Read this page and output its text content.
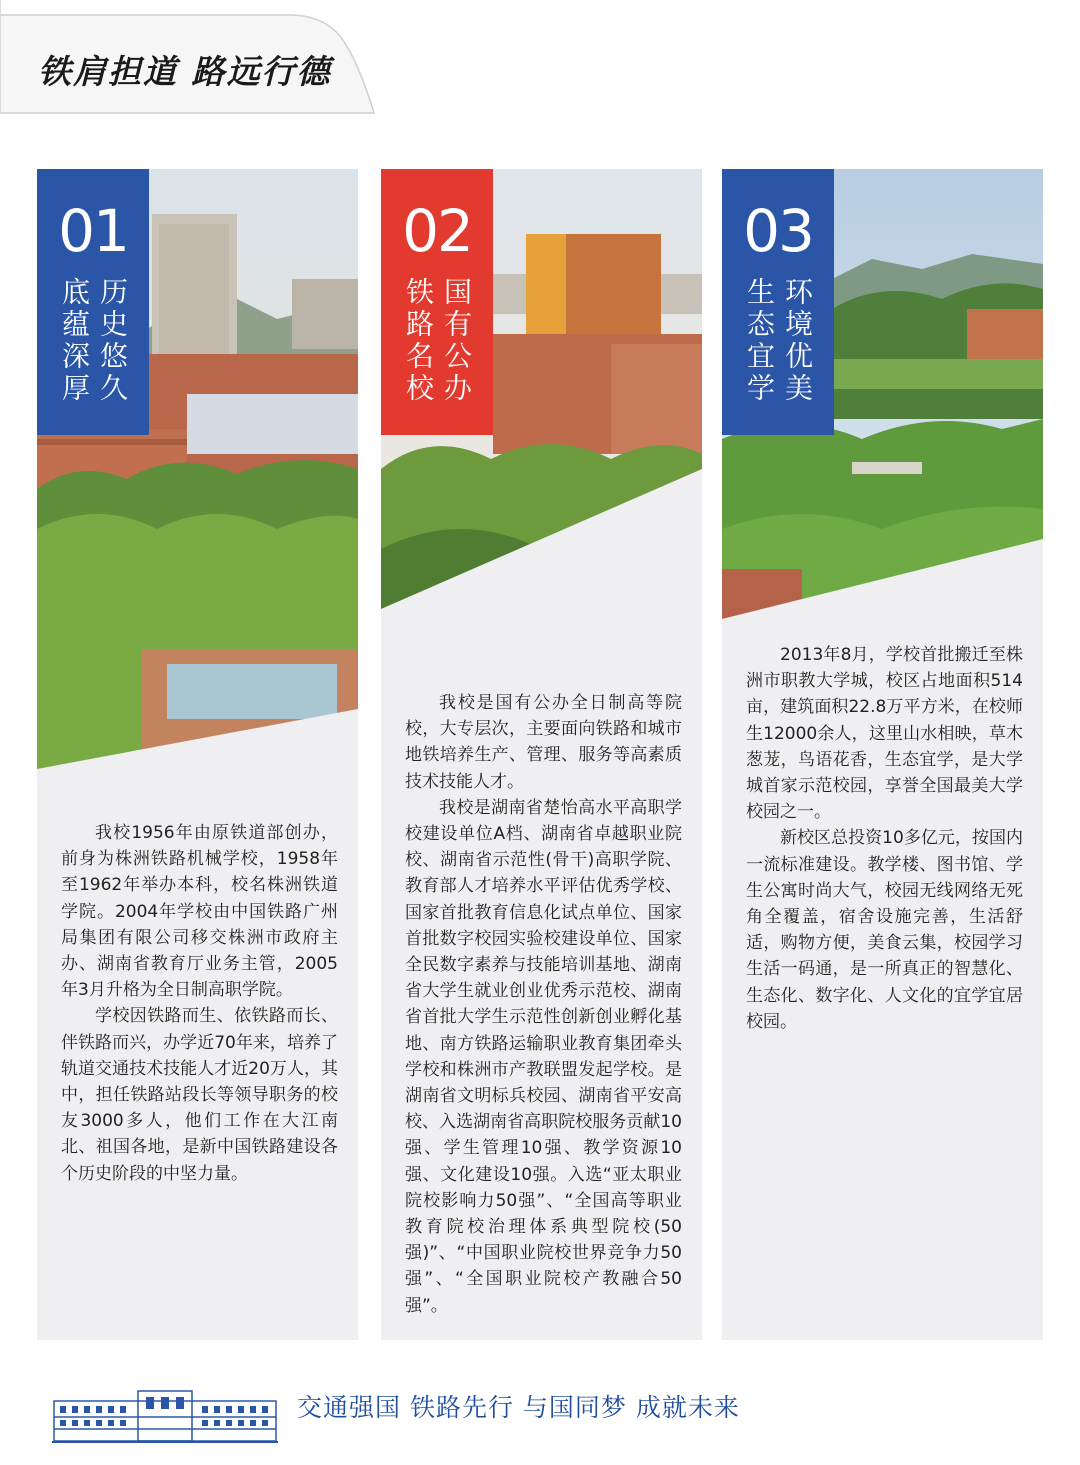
铁肩担道 路远行德
01
底蕴深厚 历史悠久

我校1956年由原铁道部创办，前身为株洲铁路机械学校，1958年至1962年举办本科，校名株洲铁道学院。2004年学校由中国铁路广州局集团有限公司移交株洲市政府主办、湖南省教育厅业务主管，2005年3月升格为全日制高职学院。

学校因铁路而生、依铁路而长、伴铁路而兴，办学近70年来，培养了轨道交通技术技能人才近20万人，其中，担任铁路站段长等领导职务的校友3000多人，他们工作在大江南北、祖国各地，是新中国铁路建设各个历史阶段的中坚力量。

02
铁路名校 国有公办

我校是国有公办全日制高等院校，大专层次，主要面向铁路和城市地铁培养生产、管理、服务等高素质技术技能人才。

我校是湖南省楚怡高水平高职学校建设单位A档、湖南省卓越职业院校、湖南省示范性(骨干)高职学院、教育部人才培养水平评估优秀学校、国家首批教育信息化试点单位、国家首批数字校园实验校建设单位、国家全民数字素养与技能培训基地、湖南省大学生就业创业优秀示范校、湖南省首批大学生示范性创新创业孵化基地、南方铁路运输职业教育集团牵头学校和株洲市产教联盟发起学校。是湖南省文明标兵校园、湖南省平安高校、入选湖南省高职院校服务贡献10强、学生管理10强、教学资源10强、文化建设10强。入选“亚太职业院校影响力50强”、“全国高等职业教育院校治理体系典型院校(50强)”、“中国职业院校世界竞争力50强”、“全国职业院校产教融合50强”。

03
生态宜学 环境优美

2013年8月，学校首批搬迁至株洲市职教大学城，校区占地面积514亩，建筑面积22.8万平方米，在校师生12000余人，这里山水相映，草木葱茏，鸟语花香，生态宜学，是大学城首家示范校园，享誉全国最美大学校园之一。

新校区总投资10多亿元，按国内一流标准建设。教学楼、图书馆、学生公寓时尚大气，校园无线网络无死角全覆盖，宿舍设施完善，生活舒适，购物方便，美食云集，校园学习生活一码通，是一所真正的智慧化、生态化、数字化、人文化的宜学宜居校园。

交通强国 铁路先行 与国同梦 成就未来
